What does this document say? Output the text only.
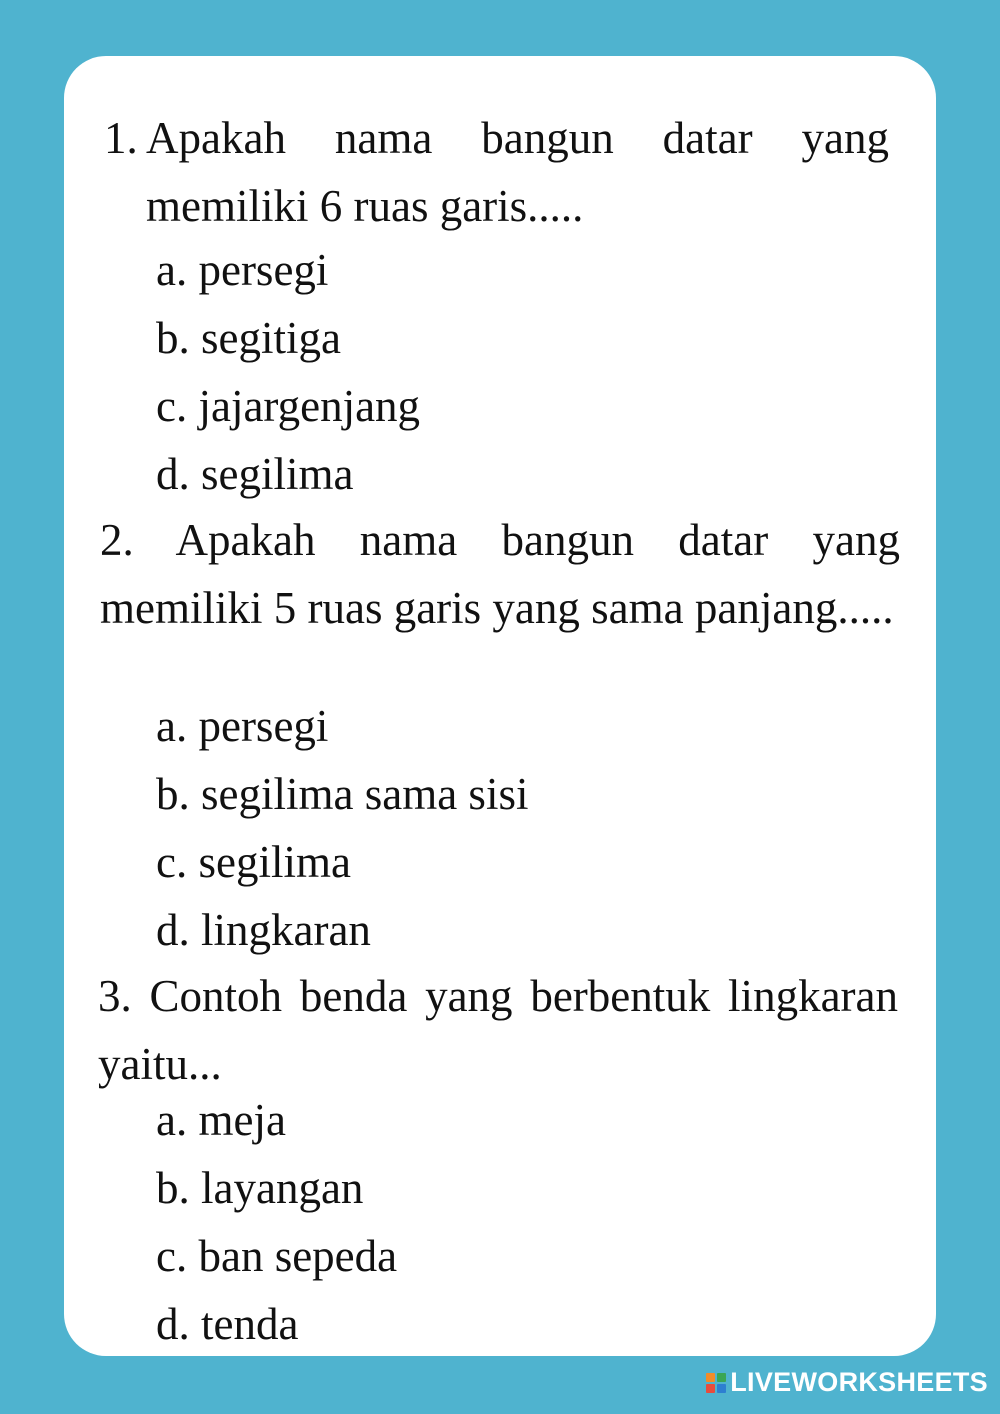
1. Apakah nama bangun datar yang memiliki 6 ruas garis.....

a. persegi
b. segitiga
c. jajargenjang
d. segilima

2. Apakah nama bangun datar yang memiliki 5 ruas garis yang sama panjang.....

a. persegi
b. segilima sama sisi
c. segilima
d. lingkaran

3. Contoh benda yang berbentuk lingkaran yaitu...

a. meja
b. layangan
c. ban sepeda
d. tenda
LIVEWORKSHEETS
